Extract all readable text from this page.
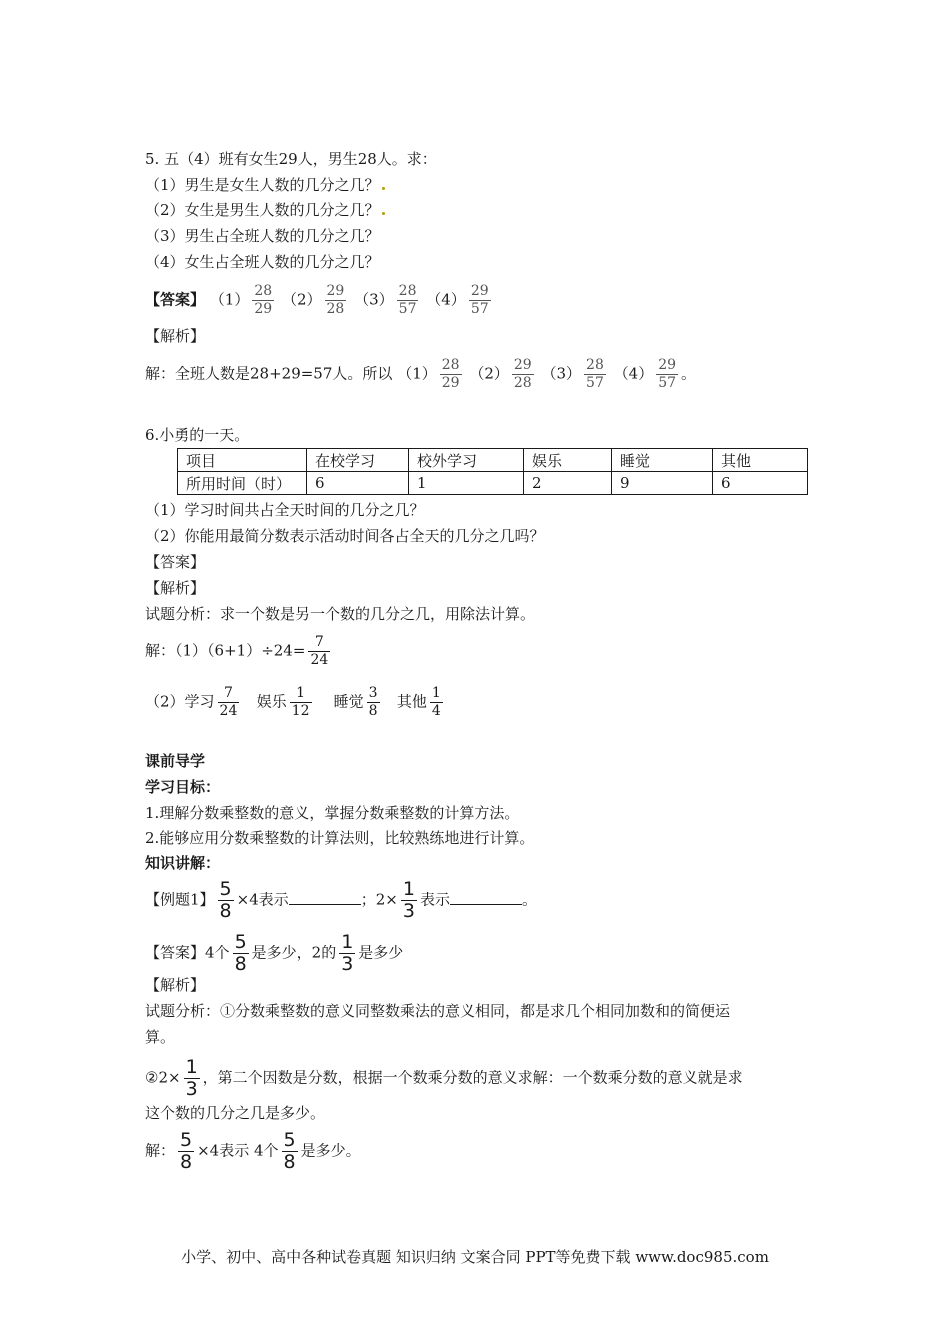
5. 五（4）班有女生29人，男生28人。求：
（1）男生是女生人数的几分之几？
（2）女生是男生人数的几分之几？
（3）男生占全班人数的几分之几？
（4）女生占全班人数的几分之几？
【答案】 $(1) \frac{28}{29} (2) \frac{29}{28} (3) \frac{28}{57} (4) \frac{29}{57}$
【解析】
解：全班人数是28+29=57人。所以 $(1) \frac{28}{29} (2) \frac{29}{28} (3) \frac{28}{57} (4) \frac{29}{57}$ 。
6.小勇的一天。
项目	在校学习	校外学习	娱乐	睡觉	其他
所用时间（时）	6	1	2	9	6
（1）学习时间共占全天时间的几分之几？
（2）你能用最简分数表示活动时间各占全天的几分之几吗？
【答案】
【解析】
试题分析：求一个数是另一个数的几分之几，用除法计算。
解：$(1)(6+1)\div 24= \frac{7}{24}$
（2）学习 $\frac{7}{24}$ 娱乐 $\frac{1}{12}$ 睡觉 $\frac{3}{8}$ 其他 $\frac{1}{4}$
课前导学
学习目标：
1.理解分数乘整数的意义，掌握分数乘整数的计算方法。
2.能够应用分数乘整数的计算法则，比较熟练地进行计算。
知识讲解：
【例题1】 $\frac{5}{8} \times 4$表示	；$2\times \frac{1}{3}$ 表示	。
【答案】4个 $\frac{5}{8}$ 是多少，2的 $\frac{1}{3}$ 是多少
【解析】
试题分析：①分数乘整数的意义同整数乘法的意义相同，都是求几个相同加数和的简便运
算。
②2× $\frac{1}{3}$ ，第二个因数是分数，根据一个数乘分数的意义求解：一个数乘分数的意义就是求
这个数的几分之几是多少。
解： $\frac{5}{8} \times 4$表示 4个 $\frac{5}{8}$ 是多少。
小学、初中、高中各种试卷真题 知识归纳 文案合同 PPT等免费下载 www.doc985.com
